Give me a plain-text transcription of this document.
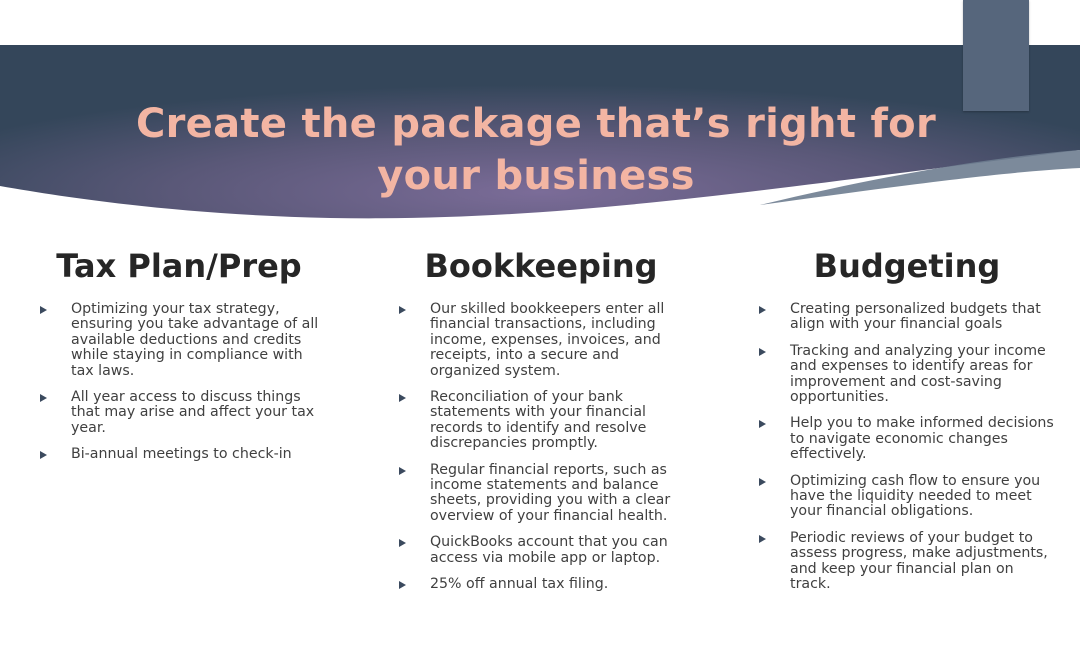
Create the package that’s right for your business
Tax Plan/Prep
Optimizing your tax strategy, ensuring you take advantage of all available deductions and credits while staying in compliance with tax laws.
All year access to discuss things that may arise and affect your tax year.
Bi-annual meetings to check-in
Bookkeeping
Our skilled bookkeepers enter all financial transactions, including income, expenses, invoices, and receipts, into a secure and organized system.
Reconciliation of your bank statements with your financial records to identify and resolve discrepancies promptly.
Regular financial reports, such as income statements and balance sheets, providing you with a clear overview of your financial health.
QuickBooks account that you can access via mobile app or laptop.
25% off annual tax filing.
Budgeting
Creating personalized budgets that align with your financial goals
Tracking and analyzing your income and expenses to identify areas for improvement and cost-saving opportunities.
Help you to make informed decisions to navigate economic changes effectively.
Optimizing cash flow to ensure you have the liquidity needed to meet your financial obligations.
Periodic reviews of your budget to assess progress, make adjustments, and keep your financial plan on track.
